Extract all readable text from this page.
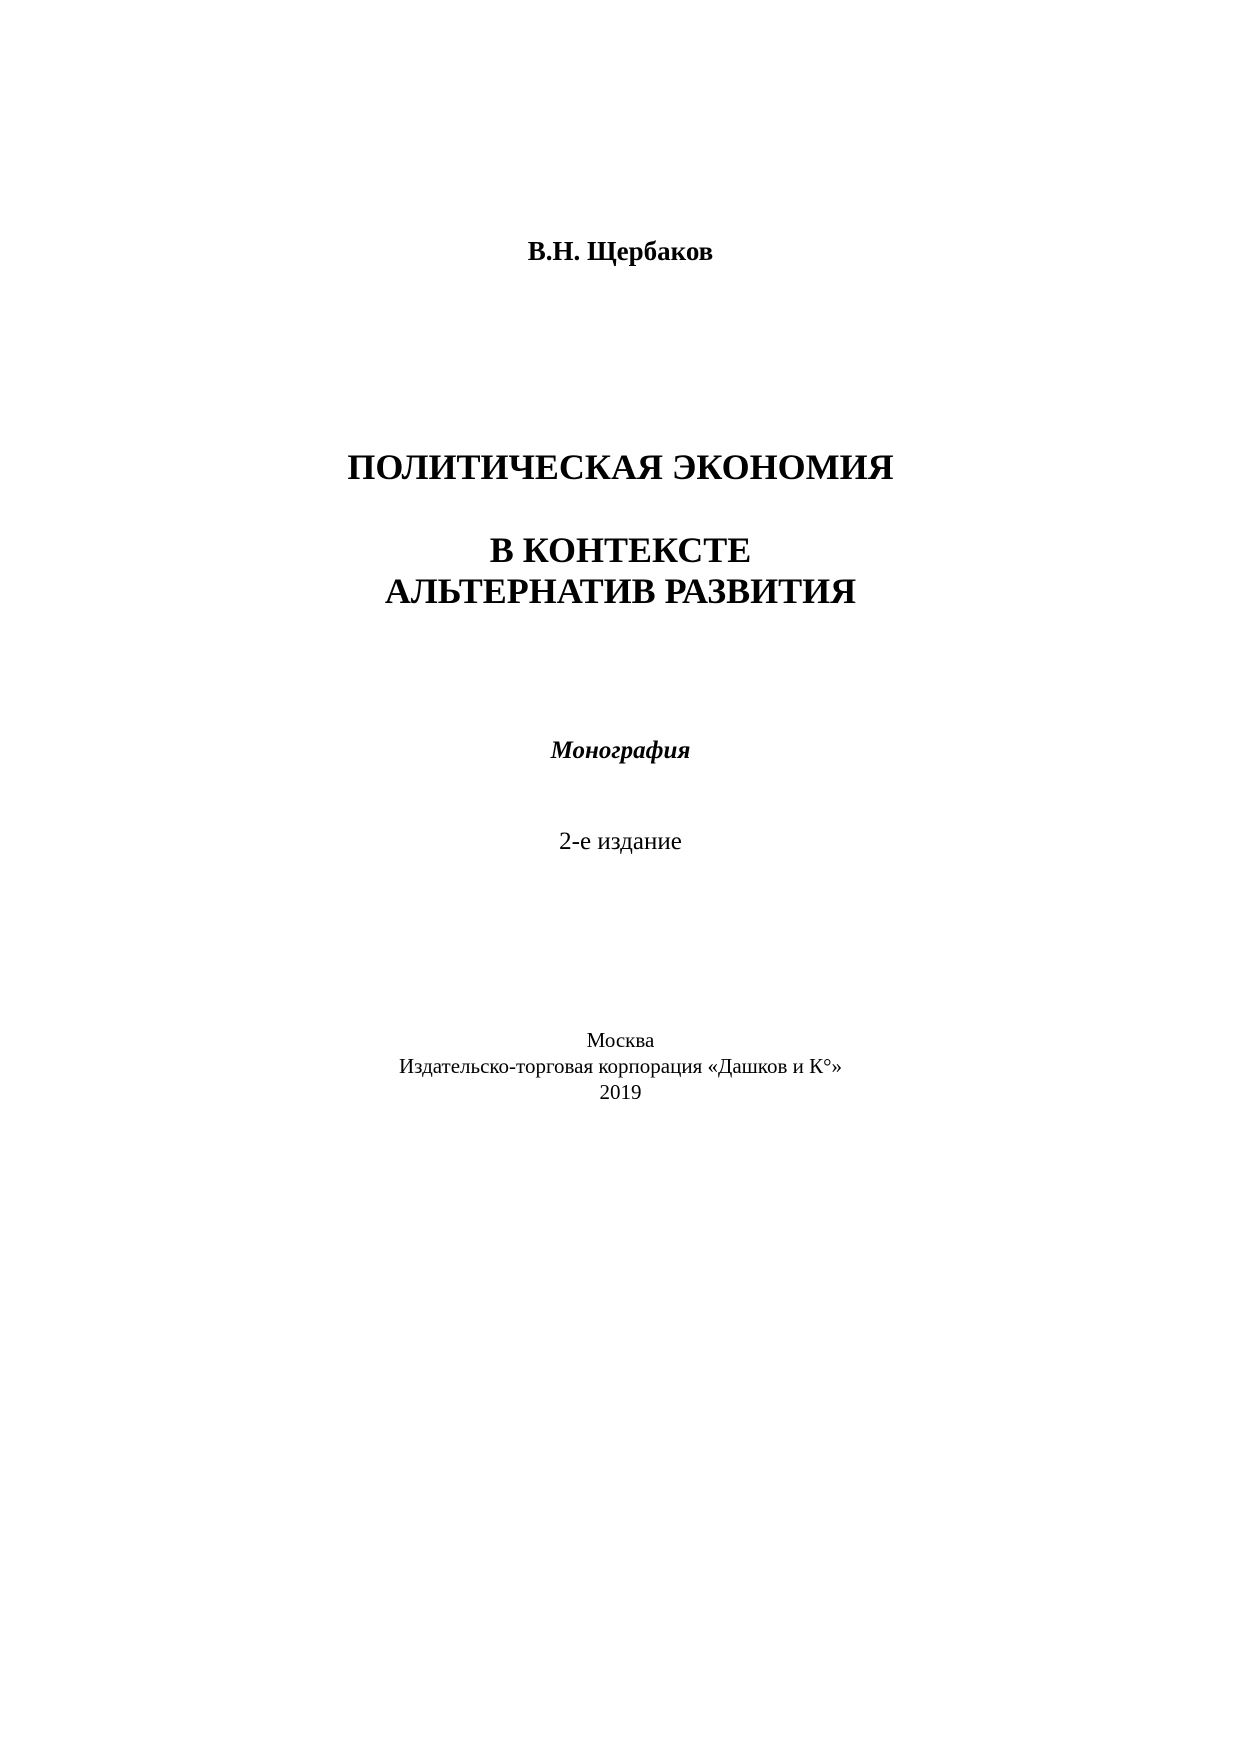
В.Н. Щербаков
ПОЛИТИЧЕСКАЯ ЭКОНОМИЯ
В КОНТЕКСТЕ
АЛЬТЕРНАТИВ РАЗВИТИЯ
Монография
2-е издание
Москва
Издательско-торговая корпорация «Дашков и К°»
2019
